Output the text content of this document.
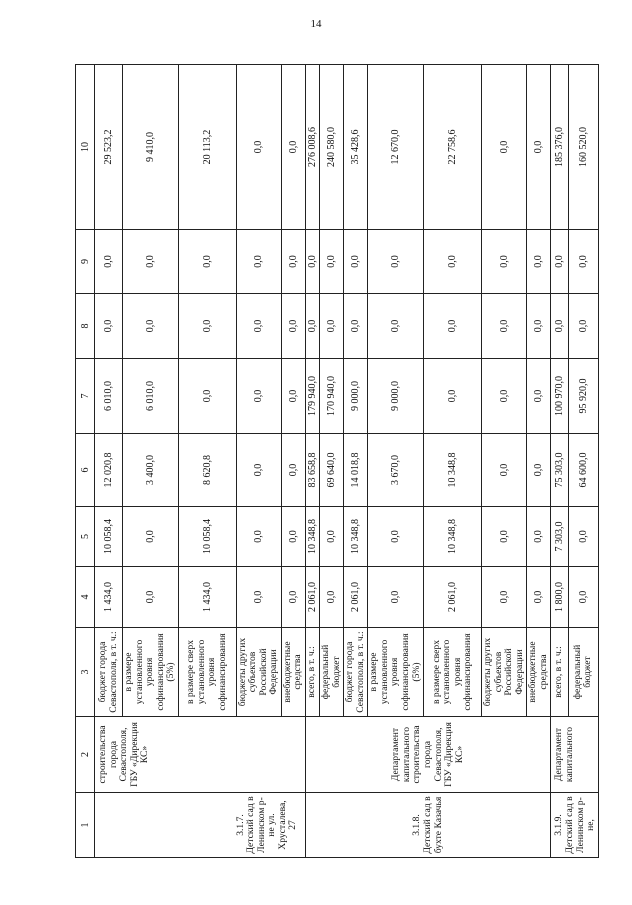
14
1	2	3	4	5	6	7	8	9	10
3.1.7. Детский сад в Ленинском р-не ул. Хрусталева, 27	строительства города Севастополя, ГБУ «Дирекция КС»	бюджет города Севастополя, в т. ч.:	1 434,0	10 058,4	12 020,8	6 010,0	0,0	0,0	29 523,2
		в размере установленного уровня софинансирования (5%)	0,0	0,0	3 400,0	6 010,0	0,0	0,0	9 410,0
		в размере сверх установленного уровня софинансирования	1 434,0	10 058,4	8 620,8	0,0	0,0	0,0	20 113,2
		бюджеты других субъектов Российской Федерации	0,0	0,0	0,0	0,0	0,0	0,0	0,0
		внебюджетные средства	0,0	0,0	0,0	0,0	0,0	0,0	0,0
3.1.8. Детский сад в бухте Казачья	Департамент капитального строительства города Севастополя, ГБУ «Дирекция КС»	всего, в т. ч.:	2 061,0	10 348,8	83 658,8	179 940,0	0,0	0,0	276 008,6
		федеральный бюджет	0,0	0,0	69 640,0	170 940,0	0,0	0,0	240 580,0
		бюджет города Севастополя, в т. ч.:	2 061,0	10 348,8	14 018,8	9 000,0	0,0	0,0	35 428,6
		в размере установленного уровня софинансирования (5%)	0,0	0,0	3 670,0	9 000,0	0,0	0,0	12 670,0
		в размере сверх установленного уровня софинансирования	2 061,0	10 348,8	10 348,8	0,0	0,0	0,0	22 758,6
		бюджеты других субъектов Российской Федерации	0,0	0,0	0,0	0,0	0,0	0,0	0,0
		внебюджетные средства	0,0	0,0	0,0	0,0	0,0	0,0	0,0
3.1.9. Детский сад в Ленинском р-не,	Департамент капитального	всего, в т. ч.:	1 800,0	7 303,0	75 303,0	100 970,0	0,0	0,0	185 376,0
		федеральный бюджет	0,0	0,0	64 600,0	95 920,0	0,0	0,0	160 520,0
